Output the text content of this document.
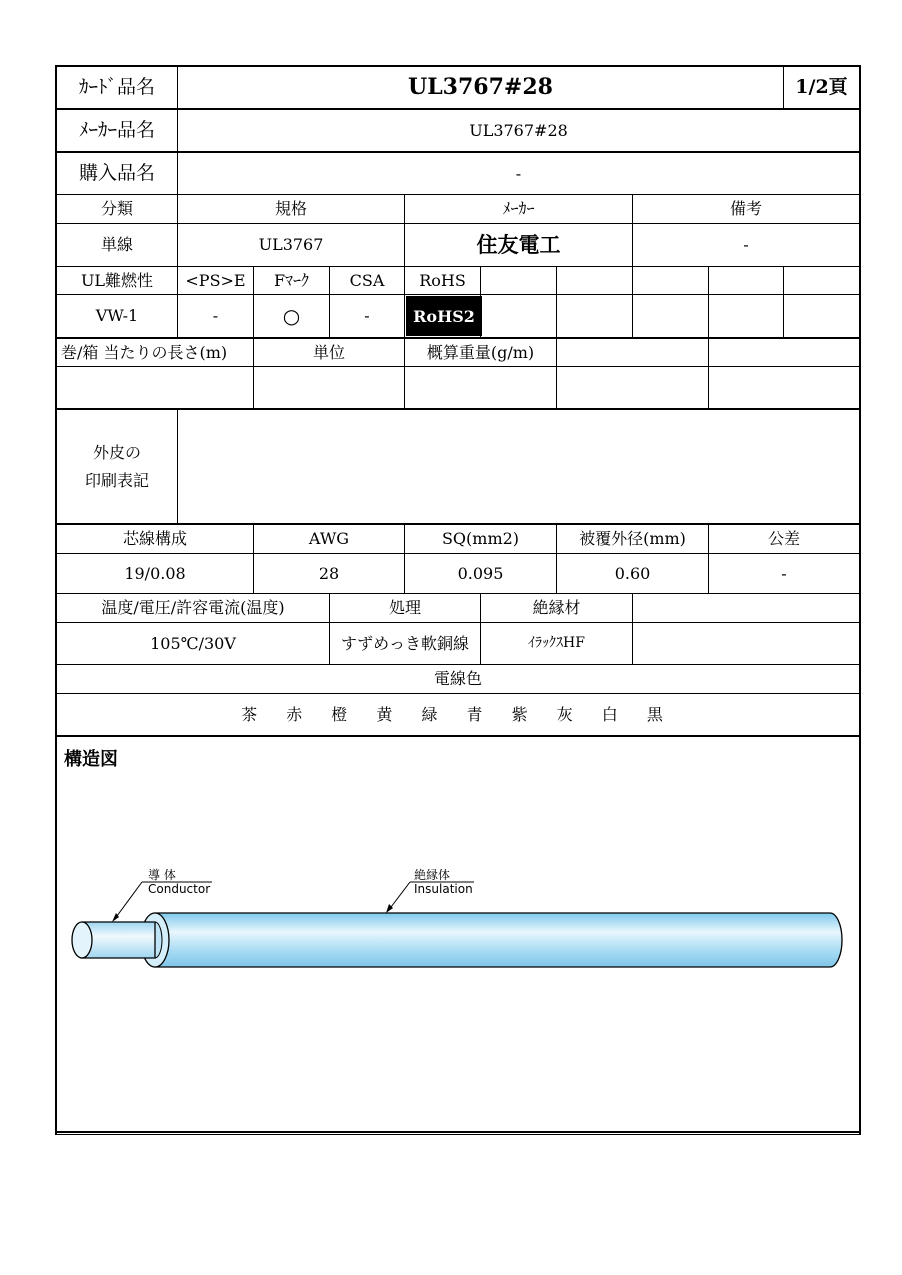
ｶｰﾄﾞ品名	UL3767#28	1/2頁
ﾒｰｶｰ品名	UL3767#28
購入品名	-
分類	規格	ﾒｰｶｰ	備考
単線	UL3767	住友電工	-
UL難燃性	<PS>E	Fﾏｰｸ	CSA	RoHS
VW-1	-	○	-	RoHS2
巻/箱 当たりの長さ(m)	単位	概算重量(g/m)
外皮の
印刷表記
芯線構成	AWG	SQ(mm2)	被覆外径(mm)	公差
19/0.08	28	0.095	0.60	-
温度/電圧/許容電流(温度)	処理	絶縁材
105℃/30V	すずめっき軟銅線	ｲﾗｯｸｽHF
電線色
茶 赤 橙 黄 緑 青 紫 灰 白 黒
構造図
導 体
Conductor
絶縁体
Insulation
